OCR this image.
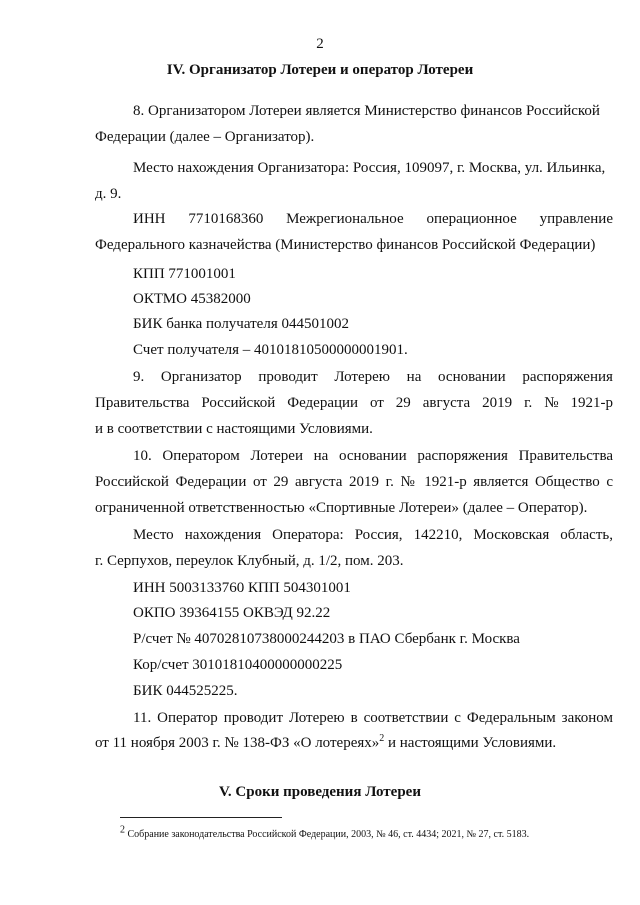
2
IV. Организатор Лотереи и оператор Лотереи
8. Организатором Лотереи является Министерство финансов Российской
Федерации (далее – Организатор).
Место нахождения Организатора: Россия, 109097, г. Москва, ул. Ильинка,
д. 9.
ИНН 7710168360 Межрегиональное операционное управление
Федерального казначейства (Министерство финансов Российской Федерации)
КПП 771001001
ОКТМО 45382000
БИК банка получателя 044501002
Счет получателя – 40101810500000001901.
9. Организатор проводит Лотерею на основании распоряжения
Правительства Российской Федерации от 29 августа 2019 г. № 1921-р
и в соответствии с настоящими Условиями.
10. Оператором Лотереи на основании распоряжения Правительства
Российской Федерации от 29 августа 2019 г. № 1921-р является Общество с
ограниченной ответственностью «Спортивные Лотереи» (далее – Оператор).
Место нахождения Оператора: Россия, 142210, Московская область,
г. Серпухов, переулок Клубный, д. 1/2, пом. 203.
ИНН 5003133760 КПП 504301001
ОКПО 39364155 ОКВЭД 92.22
Р/счет № 40702810738000244203 в ПАО Сбербанк г. Москва
Кор/счет 30101810400000000225
БИК 044525225.
11. Оператор проводит Лотерею в соответствии с Федеральным законом
от 11 ноября 2003 г. № 138-ФЗ «О лотереях»$^2$ и настоящими Условиями.
V. Сроки проведения Лотереи
$^2$ Собрание законодательства Российской Федерации, 2003, № 46, ст. 4434; 2021, № 27, ст. 5183.
